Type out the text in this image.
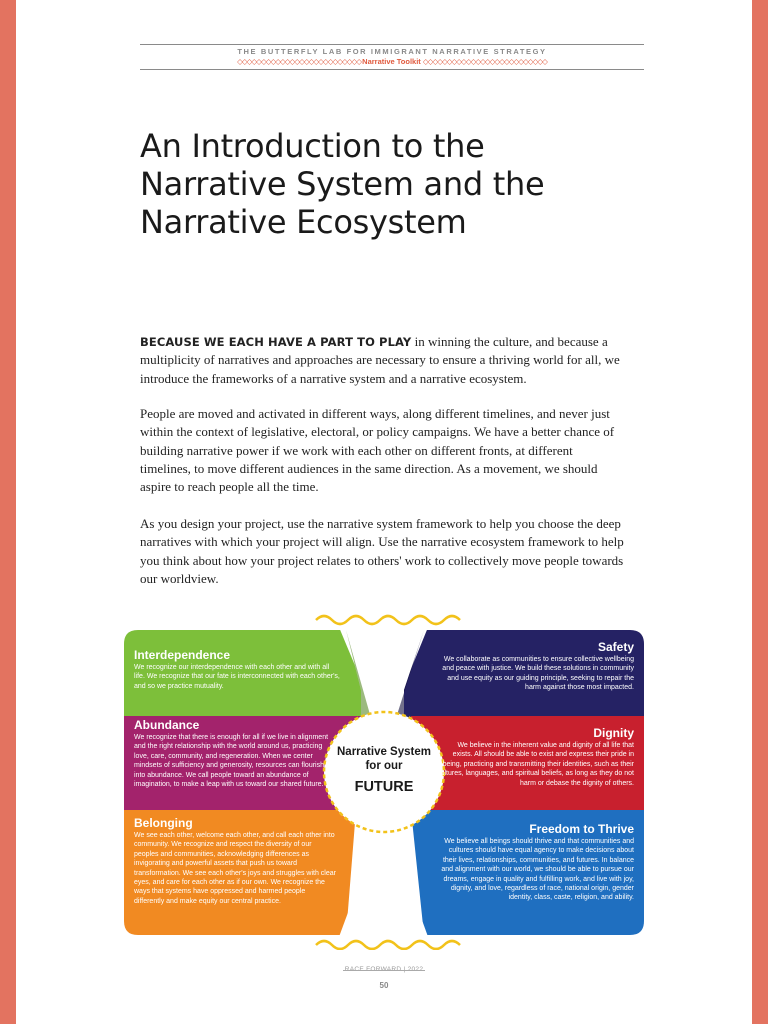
THE BUTTERFLY LAB FOR IMMIGRANT NARRATIVE STRATEGY
◇◇◇◇◇◇◇◇◇◇◇◇◇◇◇◇◇◇◇◇◇◇◇◇◇◇ Narrative Toolkit ◇◇◇◇◇◇◇◇◇◇◇◇◇◇◇◇◇◇◇◇◇◇◇◇◇◇
An Introduction to the Narrative System and the Narrative Ecosystem

BECAUSE WE EACH HAVE A PART TO PLAY in winning the culture, and because a multiplicity of narratives and approaches are necessary to ensure a thriving world for all, we introduce the frameworks of a narrative system and a narrative ecosystem.

People are moved and activated in different ways, along different timelines, and never just within the context of legislative, electoral, or policy campaigns. We have a better chance of building narrative power if we work with each other on different fronts, at different timelines, to move different audiences in the same direction. As a movement, we should aspire to reach people all the time.

As you design your project, use the narrative system framework to help you choose the deep narratives with which your project will align. Use the narrative ecosystem framework to help you think about how your project relates to others' work to collectively move people towards our worldview.

Interdependence
We recognize our interdependence with each other and with all life. We recognize that our fate is interconnected with each other's, and so we practice mutuality.
Abundance
We recognize that there is enough for all if we live in alignment and the right relationship with the world around us, practicing love, care, community, and regeneration. When we center mindsets of sufficiency and generosity, resources can flourish into abundance. We call people toward an abundance of imagination, to make a leap with us toward our shared future.
Belonging
We see each other, welcome each other, and call each other into community. We recognize and respect the diversity of our peoples and communities, acknowledging differences as invigorating and powerful assets that push us toward transformation. We see each other's joys and struggles with clear eyes, and care for each other as if our own. We recognize the ways that systems have oppressed and harmed people differently and make equity our central practice.
Safety
We collaborate as communities to ensure collective wellbeing and peace with justice. We build these solutions in community and use equity as our guiding principle, seeking to repair the harm against those most impacted.
Dignity
We believe in the inherent value and dignity of all life that exists. All should be able to exist and express their pride in being, practicing and transmitting their identities, such as their cultures, languages, and spiritual beliefs, as long as they do not harm or debase the dignity of others.
Freedom to Thrive
We believe all beings should thrive and that communities and cultures should have equal agency to make decisions about their lives, relationships, communities, and futures. In balance and alignment with our world, we should be able to pursue our dreams, engage in quality and fulfilling work, and live with joy, dignity, and love, regardless of race, national origin, gender identity, class, caste, religion, and ability.
Narrative System for our
FUTURE
50
